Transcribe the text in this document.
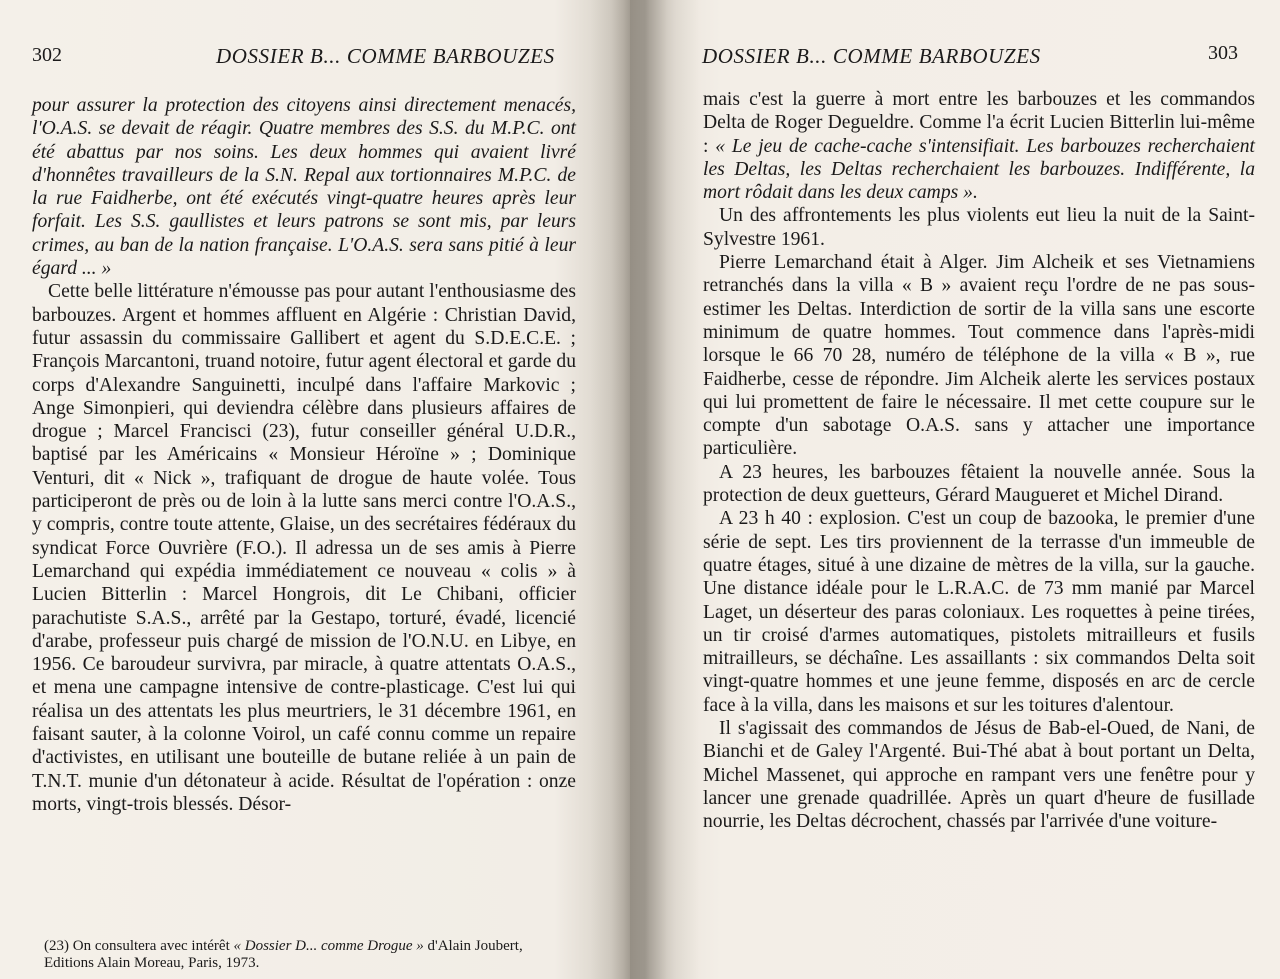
302	DOSSIER B... COMME BARBOUZES

pour assurer la protection des citoyens ainsi directement menacés, l'O.A.S. se devait de réagir. Quatre membres des S.S. du M.P.C. ont été abattus par nos soins. Les deux hommes qui avaient livré d'honnêtes travailleurs de la S.N. Repal aux tortionnaires M.P.C. de la rue Faidherbe, ont été exécutés vingt-quatre heures après leur forfait. Les S.S. gaullistes et leurs patrons se sont mis, par leurs crimes, au ban de la nation française. L'O.A.S. sera sans pitié à leur égard ... »

Cette belle littérature n'émousse pas pour autant l'enthousiasme des barbouzes. Argent et hommes affluent en Algérie : Christian David, futur assassin du commissaire Gallibert et agent du S.D.E.C.E. ; François Marcantoni, truand notoire, futur agent électoral et garde du corps d'Alexandre Sanguinetti, inculpé dans l'affaire Markovic ; Ange Simonpieri, qui deviendra célèbre dans plusieurs affaires de drogue ; Marcel Francisci (23), futur conseiller général U.D.R., baptisé par les Américains « Monsieur Héroïne » ; Dominique Venturi, dit « Nick », trafiquant de drogue de haute volée. Tous participeront de près ou de loin à la lutte sans merci contre l'O.A.S., y compris, contre toute attente, Glaise, un des secrétaires fédéraux du syndicat Force Ouvrière (F.O.). Il adressa un de ses amis à Pierre Lemarchand qui expédia immédiatement ce nouveau « colis » à Lucien Bitterlin : Marcel Hongrois, dit Le Chibani, officier parachutiste S.A.S., arrêté par la Gestapo, torturé, évadé, licencié d'arabe, professeur puis chargé de mission de l'O.N.U. en Libye, en 1956. Ce baroudeur survivra, par miracle, à quatre attentats O.A.S., et mena une campagne intensive de contre-plasticage. C'est lui qui réalisa un des attentats les plus meurtriers, le 31 décembre 1961, en faisant sauter, à la colonne Voirol, un café connu comme un repaire d'activistes, en utilisant une bouteille de butane reliée à un pain de T.N.T. munie d'un détonateur à acide. Résultat de l'opération : onze morts, vingt-trois blessés. Désor-

(23) On consultera avec intérêt « Dossier D... comme Drogue » d'Alain Joubert, Editions Alain Moreau, Paris, 1973.
DOSSIER B... COMME BARBOUZES	303

mais c'est la guerre à mort entre les barbouzes et les commandos Delta de Roger Degueldre. Comme l'a écrit Lucien Bitterlin lui-même : « Le jeu de cache-cache s'intensifiait. Les barbouzes recherchaient les Deltas, les Deltas recherchaient les barbouzes. Indifférente, la mort rôdait dans les deux camps ».

Un des affrontements les plus violents eut lieu la nuit de la Saint-Sylvestre 1961.

Pierre Lemarchand était à Alger. Jim Alcheik et ses Vietnamiens retranchés dans la villa « B » avaient reçu l'ordre de ne pas sous-estimer les Deltas. Interdiction de sortir de la villa sans une escorte minimum de quatre hommes. Tout commence dans l'après-midi lorsque le 66 70 28, numéro de téléphone de la villa « B », rue Faidherbe, cesse de répondre. Jim Alcheik alerte les services postaux qui lui promettent de faire le nécessaire. Il met cette coupure sur le compte d'un sabotage O.A.S. sans y attacher une importance particulière.

A 23 heures, les barbouzes fêtaient la nouvelle année. Sous la protection de deux guetteurs, Gérard Maugueret et Michel Dirand.

A 23 h 40 : explosion. C'est un coup de bazooka, le premier d'une série de sept. Les tirs proviennent de la terrasse d'un immeuble de quatre étages, situé à une dizaine de mètres de la villa, sur la gauche. Une distance idéale pour le L.R.A.C. de 73 mm manié par Marcel Laget, un déserteur des paras coloniaux. Les roquettes à peine tirées, un tir croisé d'armes automatiques, pistolets mitrailleurs et fusils mitrailleurs, se déchaîne. Les assaillants : six commandos Delta soit vingt-quatre hommes et une jeune femme, disposés en arc de cercle face à la villa, dans les maisons et sur les toitures d'alentour.

Il s'agissait des commandos de Jésus de Bab-el-Oued, de Nani, de Bianchi et de Galey l'Argenté. Bui-Thé abat à bout portant un Delta, Michel Massenet, qui approche en rampant vers une fenêtre pour y lancer une grenade quadrillée. Après un quart d'heure de fusillade nourrie, les Deltas décrochent, chassés par l'arrivée d'une voiture-
